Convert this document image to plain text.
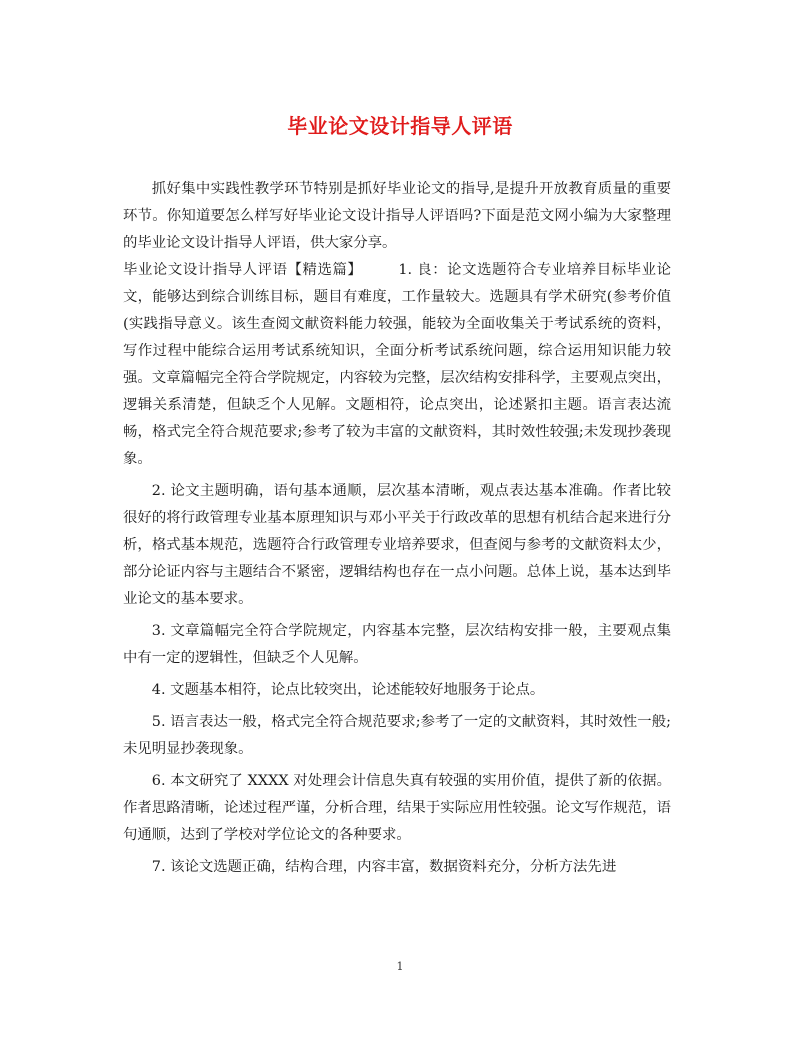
毕业论文设计指导人评语

抓好集中实践性教学环节特别是抓好毕业论文的指导,是提升开放教育质量的重要环节。你知道要怎么样写好毕业论文设计指导人评语吗?下面是范文网小编为大家整理的毕业论文设计指导人评语，供大家分享。

毕业论文设计指导人评语【精选篇】	1. 良：论文选题符合专业培养目标毕业论文，能够达到综合训练目标，题目有难度，工作量较大。选题具有学术研究(参考价值(实践指导意义。该生查阅文献资料能力较强，能较为全面收集关于考试系统的资料，写作过程中能综合运用考试系统知识，全面分析考试系统问题，综合运用知识能力较强。文章篇幅完全符合学院规定，内容较为完整，层次结构安排科学，主要观点突出，逻辑关系清楚，但缺乏个人见解。文题相符，论点突出，论述紧扣主题。语言表达流畅，格式完全符合规范要求;参考了较为丰富的文献资料，其时效性较强;未发现抄袭现象。

2. 论文主题明确，语句基本通顺，层次基本清晰，观点表达基本准确。作者比较很好的将行政管理专业基本原理知识与邓小平关于行政改革的思想有机结合起来进行分析，格式基本规范，选题符合行政管理专业培养要求，但查阅与参考的文献资料太少，部分论证内容与主题结合不紧密，逻辑结构也存在一点小问题。总体上说，基本达到毕业论文的基本要求。

3. 文章篇幅完全符合学院规定，内容基本完整，层次结构安排一般，主要观点集中有一定的逻辑性，但缺乏个人见解。

4. 文题基本相符，论点比较突出，论述能较好地服务于论点。

5. 语言表达一般，格式完全符合规范要求;参考了一定的文献资料，其时效性一般;未见明显抄袭现象。

6. 本文研究了 XXXX 对处理会计信息失真有较强的实用价值，提供了新的依据。作者思路清晰，论述过程严谨，分析合理，结果于实际应用性较强。论文写作规范，语句通顺，达到了学校对学位论文的各种要求。

7. 该论文选题正确，结构合理，内容丰富，数据资料充分，分析方法先进

1
